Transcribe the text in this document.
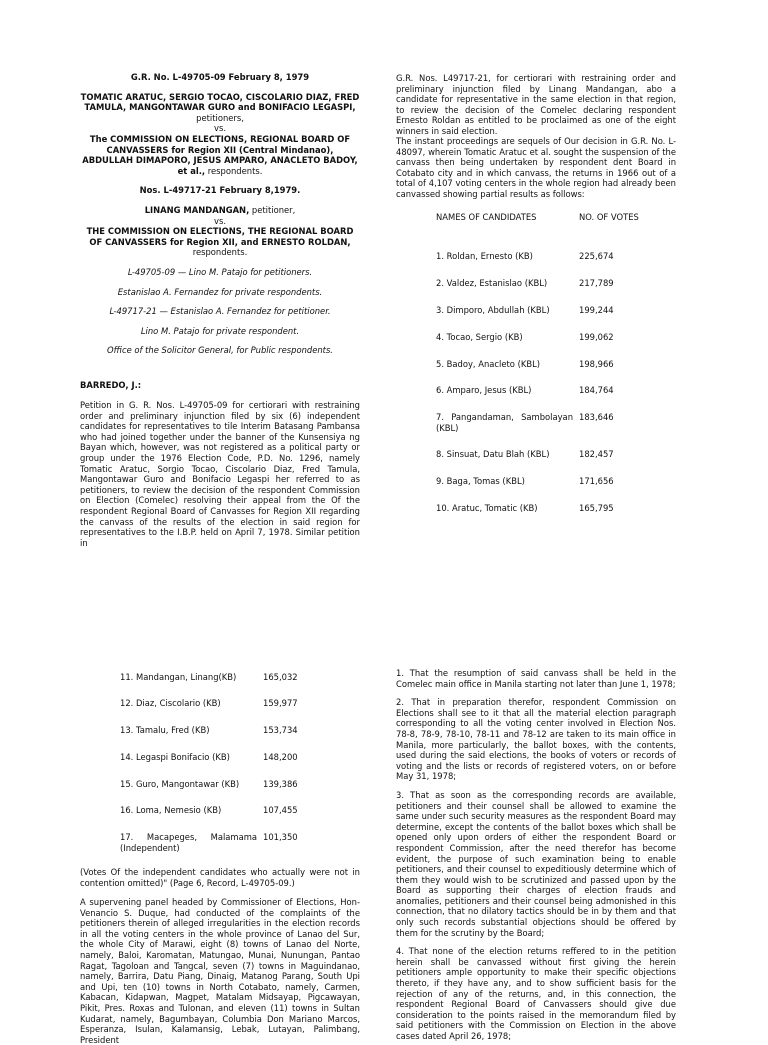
G.R. No. L-49705-09 February 8, 1979

TOMATIC ARATUC, SERGIO TOCAO, CISCOLARIO DIAZ, FRED TAMULA, MANGONTAWAR GURO and BONIFACIO LEGASPI, petitioners,

vs.

The COMMISSION ON ELECTIONS, REGIONAL BOARD OF CANVASSERS for Region XII (Central Mindanao), ABDULLAH DIMAPORO, JESUS AMPARO, ANACLETO BADOY, et al., respondents.

Nos. L-49717-21 February 8,1979.

LINANG MANDANGAN, petitioner,

vs.

THE COMMISSION ON ELECTIONS, THE REGIONAL BOARD OF CANVASSERS for Region XII, and ERNESTO ROLDAN, respondents.

L-49705-09 — Lino M. Patajo for petitioners.

Estanislao A. Fernandez for private respondents.

L-49717-21 — Estanislao A. Fernandez for petitioner.

Lino M. Patajo for private respondent.

Office of the Solicitor General, for Public respondents.

BARREDO, J.:

Petition in G. R. Nos. L-49705-09 for certiorari with restraining order and preliminary injunction filed by six (6) independent candidates for representatives to tile Interim Batasang Pambansa who had joined together under the banner of the Kunsensiya ng Bayan which, however, was not registered as a political party or group under the 1976 Election Code, P.D. No. 1296, namely Tomatic Aratuc, Sorgio Tocao, Ciscolario Diaz, Fred Tamula, Mangontawar Guro and Bonifacio Legaspi her referred to as petitioners, to review the decision of the respondent Commission on Election (Comelec) resolving their appeal from the Of the respondent Regional Board of Canvasses for Region XII regarding the canvass of the results of the election in said region for representatives to the I.B.P. held on April 7, 1978. Similar petition in

G.R. Nos. L49717-21, for certiorari with restraining order and preliminary injunction filed by Linang Mandangan, abo a candidate for representative in the same election in that region, to review the decision of the Comelec declaring respondent Ernesto Roldan as entitled to be proclaimed as one of the eight winners in said election.

The instant proceedings are sequels of Our decision in G.R. No. L-48097, wherein Tomatic Aratuc et al. sought the suspension of the canvass then being undertaken by respondent dent Board in Cotabato city and in which canvass, the returns in 1966 out of a total of 4,107 voting centers in the whole region had already been canvassed showing partial results as follows:

NAMES OF CANDIDATES	NO. OF VOTES
1. Roldan, Ernesto (KB)	225,674
2. Valdez, Estanislao (KBL)	217,789
3. Dimporo, Abdullah (KBL)	199,244
4. Tocao, Sergio (KB)	199,062
5. Badoy, Anacleto (KBL)	198,966
6. Amparo, Jesus (KBL)	184,764
7. Pangandaman, Sambolayan (KBL)
183,646
8. Sinsuat, Datu Blah (KBL)	182,457
9. Baga, Tomas (KBL)	171,656
10. Aratuc, Tomatic (KB)	165,795
11. Mandangan, Linang(KB)	165,032
12. Diaz, Ciscolario (KB)	159,977
13. Tamalu, Fred (KB)	153,734
14. Legaspi Bonifacio (KB)	148,200
15. Guro, Mangontawar (KB)	139,386
16. Loma, Nemesio (KB)	107,455
17. Macapeges, Malamama (Independent)
101,350

(Votes Of the independent candidates who actually were not in contention omitted)" (Page 6, Record, L-49705-09.)

A supervening panel headed by Commissioner of Elections, Hon- Venancio S. Duque, had conducted of the complaints of the petitioners therein of alleged irregularities in the election records in all the voting centers in the whole province of Lanao del Sur, the whole City of Marawi, eight (8) towns of Lanao del Norte, namely, Baloi, Karomatan, Matungao, Munai, Nunungan, Pantao Ragat, Tagoloan and Tangcal, seven (7) towns in Maguindanao, namely, Barrira, Datu Piang, Dinaig, Matanog Parang, South Upi and Upi, ten (10) towns in North Cotabato, namely, Carmen, Kabacan, Kidapwan, Magpet, Matalam Midsayap, Pigcawayan, Pikit, Pres. Roxas and Tulonan, and eleven (11) towns in Sultan Kudarat, namely, Bagumbayan, Columbia Don Mariano Marcos, Esperanza, Isulan, Kalamansig, Lebak, Lutayan, Palimbang, President

1. That the resumption of said canvass shall be held in the Comelec main office in Manila starting not later than June 1, 1978;

2. That in preparation therefor, respondent Commission on Elections shall see to it that all the material election paragraph corresponding to all the voting center involved in Election Nos. 78-8, 78-9, 78-10, 78-11 and 78-12 are taken to its main office in Manila, more particularly, the ballot boxes, with the contents, used during the said elections, the books of voters or records of voting and the lists or records of registered voters, on or before May 31, 1978;

3. That as soon as the corresponding records are available, petitioners and their counsel shall be allowed to examine the same under such security measures as the respondent Board may determine, except the contents of the ballot boxes which shall be opened only upon orders of either the respondent Board or respondent Commission, after the need therefor has become evident, the purpose of such examination being to enable petitioners, and their counsel to expeditiously determine which of them they would wish to be scrutinized and passed upon by the Board as supporting their charges of election frauds and anomalies, petitioners and their counsel being admonished in this connection, that no dilatory tactics should be in by them and that only such records substantial objections should be offered by them for the scrutiny by the Board;

4. That none of the election returns reffered to in the petition herein shall be canvassed without first giving the herein petitioners ample opportunity to make their specific objections thereto, if they have any, and to show sufficient basis for the rejection of any of the returns, and, in this connection, the respondent Regional Board of Canvassers should give due consideration to the points raised in the memorandum filed by said petitioners with the Commission on Election in the above cases dated April 26, 1978;
